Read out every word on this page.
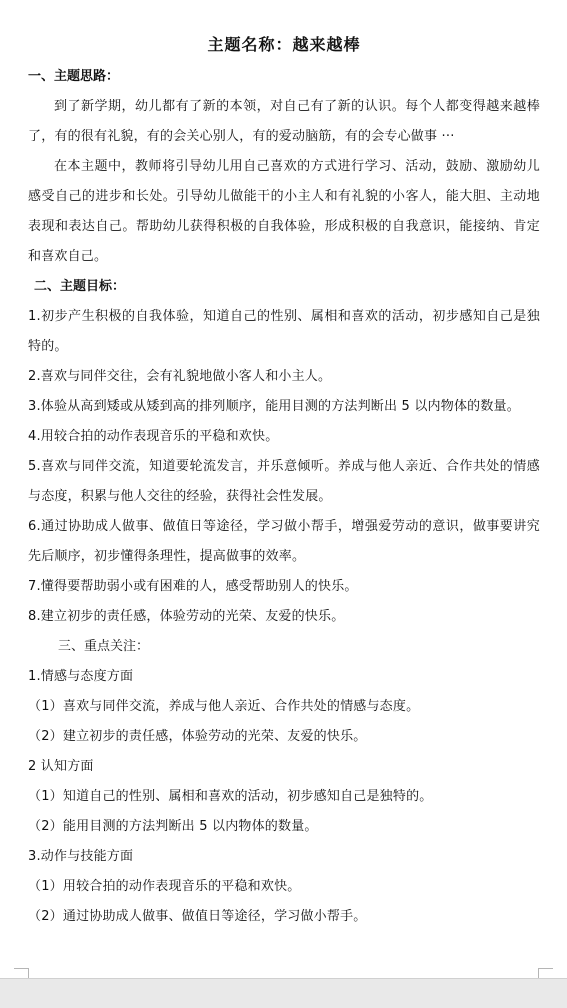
主题名称：越来越棒
一、主题思路：

到了新学期，幼儿都有了新的本领，对自己有了新的认识。每个人都变得越来越棒了，有的很有礼貌，有的会关心别人，有的爱动脑筋，有的会专心做事 ···

在本主题中，教师将引导幼儿用自己喜欢的方式进行学习、活动，鼓励、激励幼儿感受自己的进步和长处。引导幼儿做能干的小主人和有礼貌的小客人，能大胆、主动地表现和表达自己。帮助幼儿获得积极的自我体验，形成积极的自我意识，能接纳、肯定和喜欢自己。

二、主题目标：

1.初步产生积极的自我体验，知道自己的性别、属相和喜欢的活动，初步感知自己是独特的。

2.喜欢与同伴交往，会有礼貌地做小客人和小主人。

3.体验从高到矮或从矮到高的排列顺序，能用目测的方法判断出 5 以内物体的数量。

4.用较合拍的动作表现音乐的平稳和欢快。

5.喜欢与同伴交流，知道要轮流发言，并乐意倾听。养成与他人亲近、合作共处的情感与态度，积累与他人交往的经验，获得社会性发展。

6.通过协助成人做事、做值日等途径，学习做小帮手，增强爱劳动的意识，做事要讲究先后顺序，初步懂得条理性，提高做事的效率。

7.懂得要帮助弱小或有困难的人，感受帮助别人的快乐。

8.建立初步的责任感，体验劳动的光荣、友爱的快乐。

三、重点关注：

1.情感与态度方面

（1）喜欢与同伴交流，养成与他人亲近、合作共处的情感与态度。

（2）建立初步的责任感，体验劳动的光荣、友爱的快乐。

2 认知方面

（1）知道自己的性别、属相和喜欢的活动，初步感知自己是独特的。

（2）能用目测的方法判断出 5 以内物体的数量。

3.动作与技能方面

（1）用较合拍的动作表现音乐的平稳和欢快。

（2）通过协助成人做事、做值日等途径，学习做小帮手。
